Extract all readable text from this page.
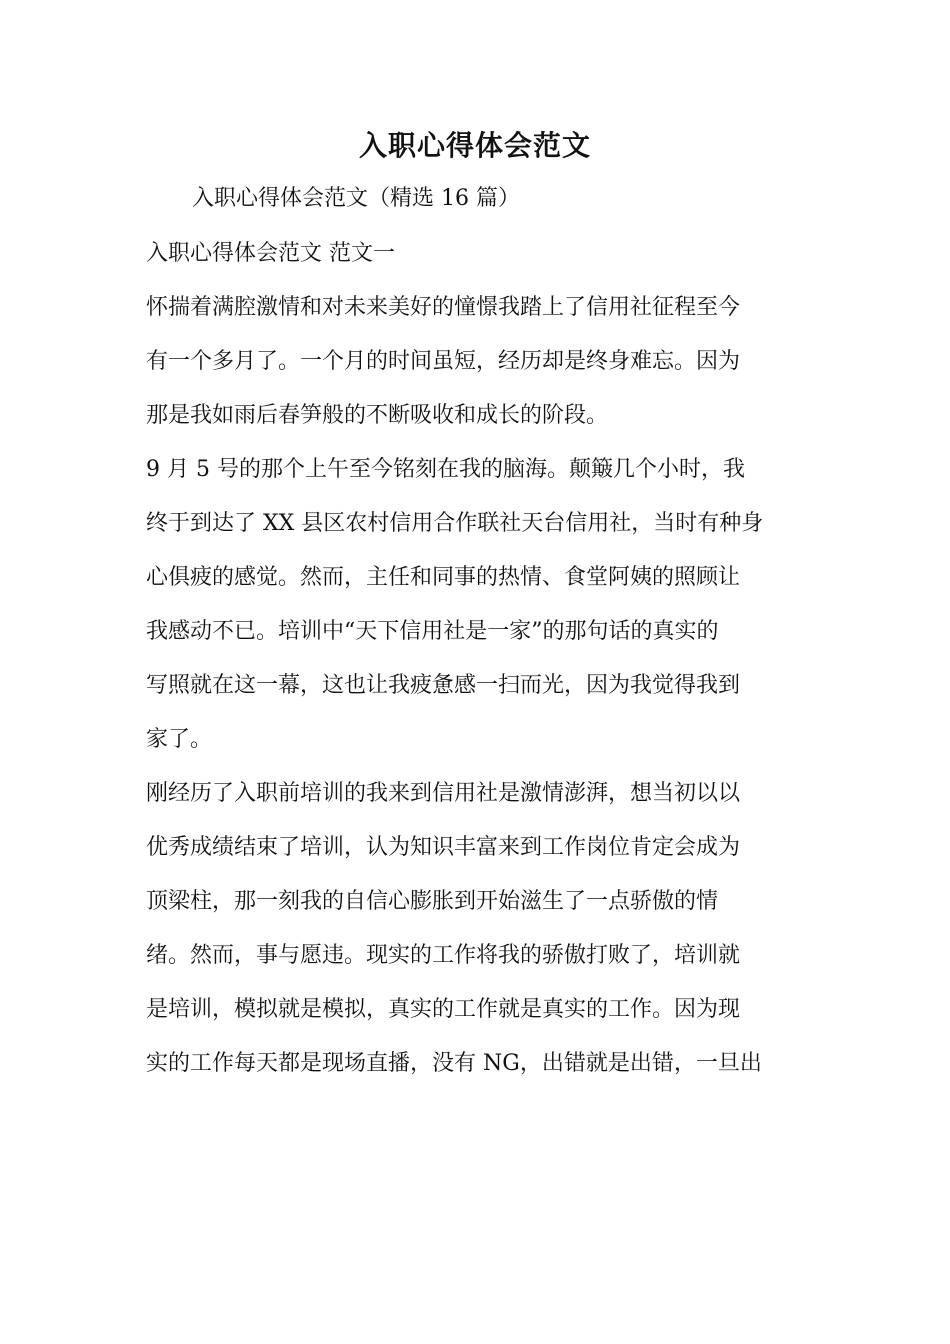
入职心得体会范文
入职心得体会范文（精选 16 篇）
入职心得体会范文 范文一
怀揣着满腔激情和对未来美好的憧憬我踏上了信用社征程至今
有一个多月了。一个月的时间虽短，经历却是终身难忘。因为
那是我如雨后春笋般的不断吸收和成长的阶段。
9 月 5 号的那个上午至今铭刻在我的脑海。颠簸几个小时，我
终于到达了 XX 县区农村信用合作联社天台信用社，当时有种身
心俱疲的感觉。然而，主任和同事的热情、食堂阿姨的照顾让
我感动不已。培训中“天下信用社是一家”的那句话的真实的
写照就在这一幕，这也让我疲惫感一扫而光，因为我觉得我到
家了。
刚经历了入职前培训的我来到信用社是激情澎湃，想当初以以
优秀成绩结束了培训，认为知识丰富来到工作岗位肯定会成为
顶梁柱，那一刻我的自信心膨胀到开始滋生了一点骄傲的情
绪。然而，事与愿违。现实的工作将我的骄傲打败了，培训就
是培训，模拟就是模拟，真实的工作就是真实的工作。因为现
实的工作每天都是现场直播，没有 NG，出错就是出错，一旦出
